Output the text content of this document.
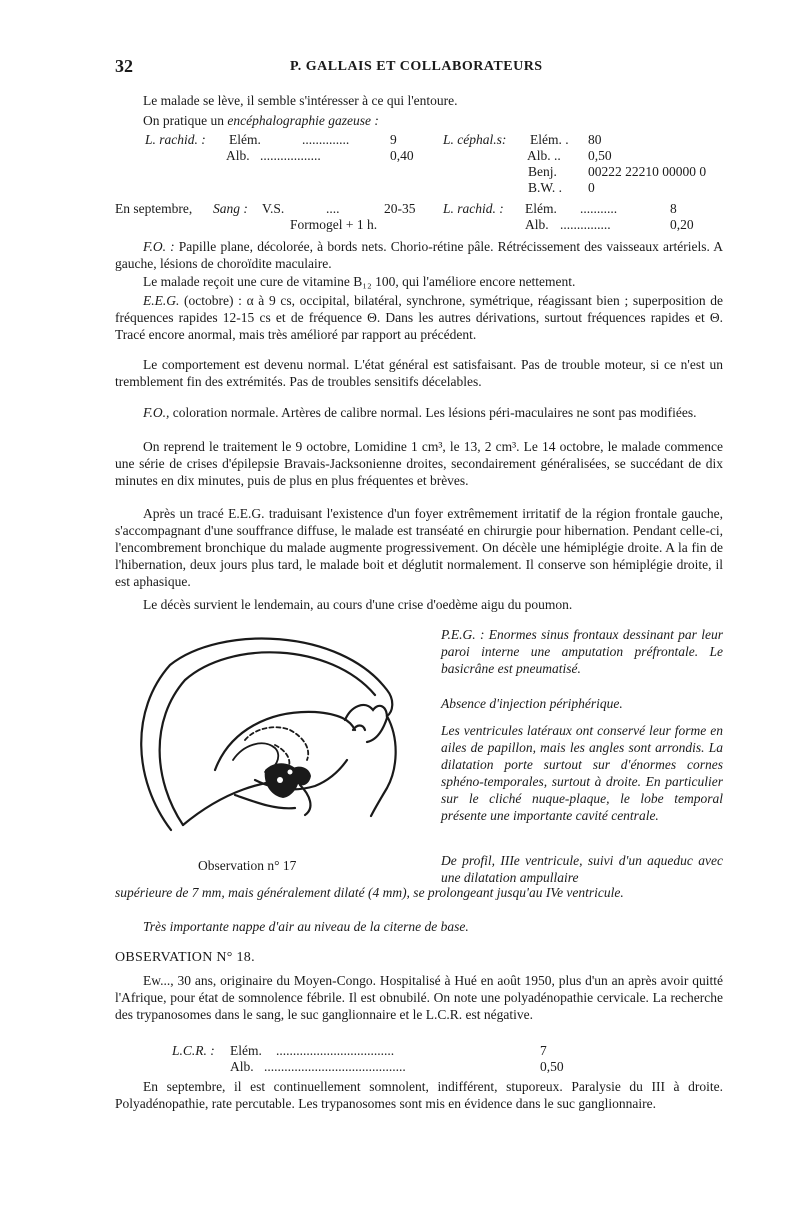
32	P. GALLAIS ET COLLABORATEURS
Le malade se lève, il semble s'intéresser à ce qui l'entoure.
On pratique un encéphalographie gazeuse :
L. rachid. : Elém.	..............	9
Alb. ..................	0,40
L. céphal.s: Elém. . 80
Alb. .. 0,50
Benj. 00222 22210 00000 0
B.W. . 0
En septembre, Sang : V.S.	....	20-35
Formogel + 1 h.
L. rachid. : Elém. ...........	8
Alb. ...............	0,20
F.O. : Papille plane, décolorée, à bords nets. Chorio-rétine pâle. Rétrécissement des vaisseaux artériels. A gauche, lésions de choroïdite maculaire.
Le malade reçoit une cure de vitamine B₁₂ 100, qui l'améliore encore nettement.
E.E.G. (octobre) : α à 9 cs, occipital, bilatéral, synchrone, symétrique, réagissant bien ; superposition de fréquences rapides 12-15 cs et de fréquence Θ. Dans les autres dérivations, surtout fréquences rapides et Θ. Tracé encore anormal, mais très amélioré par rapport au précédent.
Le comportement est devenu normal. L'état général est satisfaisant. Pas de trouble moteur, si ce n'est un tremblement fin des extrémités. Pas de troubles sensitifs décelables.
F.O., coloration normale. Artères de calibre normal. Les lésions péri-maculaires ne sont pas modifiées.
On reprend le traitement le 9 octobre, Lomidine 1 cm³, le 13, 2 cm³. Le 14 octobre, le malade commence une série de crises d'épilepsie Bravais-Jacksonienne droites, secondairement généralisées, se succédant de dix minutes en dix minutes, puis de plus en plus fréquentes et brèves.
Après un tracé E.E.G. traduisant l'existence d'un foyer extrêmement irritatif de la région frontale gauche, s'accompagnant d'une souffrance diffuse, le malade est transéaté en chirurgie pour hibernation. Pendant celle-ci, l'encombrement bronchique du malade augmente progressivement. On décèle une hémiplégie droite. A la fin de l'hibernation, deux jours plus tard, le malade boit et déglutit normalement. Il conserve son hémiplégie droite, il est aphasique.
Le décès survient le lendemain, au cours d'une crise d'oedème aigu du poumon.
Observation n° 17
P.E.G. : Enormes sinus frontaux dessinant par leur paroi interne une amputation préfrontale. Le basicrâne est pneumatisé.
Absence d'injection périphérique.
Les ventricules latéraux ont conservé leur forme en ailes de papillon, mais les angles sont arrondis. La dilatation porte surtout sur d'énormes cornes sphéno-temporales, surtout à droite. En particulier sur le cliché nuque-plaque, le lobe temporal présente une importante cavité centrale.
De profil, IIIe ventricule, suivi d'un aqueduc avec une dilatation ampullaire
supérieure de 7 mm, mais généralement dilaté (4 mm), se prolongeant jusqu'au IVe ventricule.
Très importante nappe d'air au niveau de la citerne de base.
OBSERVATION N° 18.
Ew..., 30 ans, originaire du Moyen-Congo. Hospitalisé à Hué en août 1950, plus d'un an après avoir quitté l'Afrique, pour état de somnolence fébrile. Il est obnubilé. On note une polyadénopathie cervicale. La recherche des trypanosomes dans le sang, le suc ganglionnaire et le L.C.R. est négative.
L.C.R. : Elém. ...................................	7
Alb. ..........................................	0,50
En septembre, il est continuellement somnolent, indifférent, stuporeux. Paralysie du III à droite. Polyadénopathie, rate percutable. Les trypanosomes sont mis en évidence dans le suc ganglionnaire.
